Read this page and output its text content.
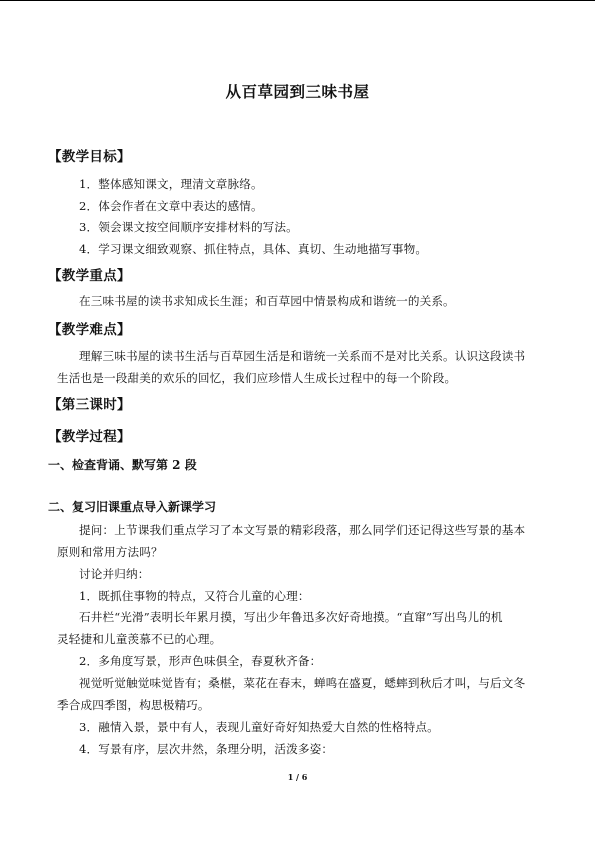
从百草园到三味书屋
【教学目标】
1．整体感知课文，理清文章脉络。
2．体会作者在文章中表达的感情。
3．领会课文按空间顺序安排材料的写法。
4．学习课文细致观察、抓住特点，具体、真切、生动地描写事物。
【教学重点】
在三味书屋的读书求知成长生涯；和百草园中情景构成和谐统一的关系。
【教学难点】
理解三味书屋的读书生活与百草园生活是和谐统一关系而不是对比关系。认识这段读书
生活也是一段甜美的欢乐的回忆，我们应珍惜人生成长过程中的每一个阶段。
【第三课时】
【教学过程】
一、检查背诵、默写第 2 段
二、复习旧课重点导入新课学习
提问：上节课我们重点学习了本文写景的精彩段落，那么同学们还记得这些写景的基本
原则和常用方法吗？
讨论并归纳：
1．既抓住事物的特点，又符合儿童的心理：
石井栏“光滑”表明长年累月摸，写出少年鲁迅多次好奇地摸。“直窜”写出鸟儿的机
灵轻捷和儿童羡慕不已的心理。
2．多角度写景，形声色味俱全，春夏秋齐备：
视觉听觉触觉味觉皆有；桑椹，菜花在春末，蝉鸣在盛夏，蟋蟀到秋后才叫，与后文冬
季合成四季图，构思极精巧。
3．融情入景，景中有人，表现儿童好奇好知热爱大自然的性格特点。
4．写景有序，层次井然，条理分明，活泼多姿：
1 / 6
